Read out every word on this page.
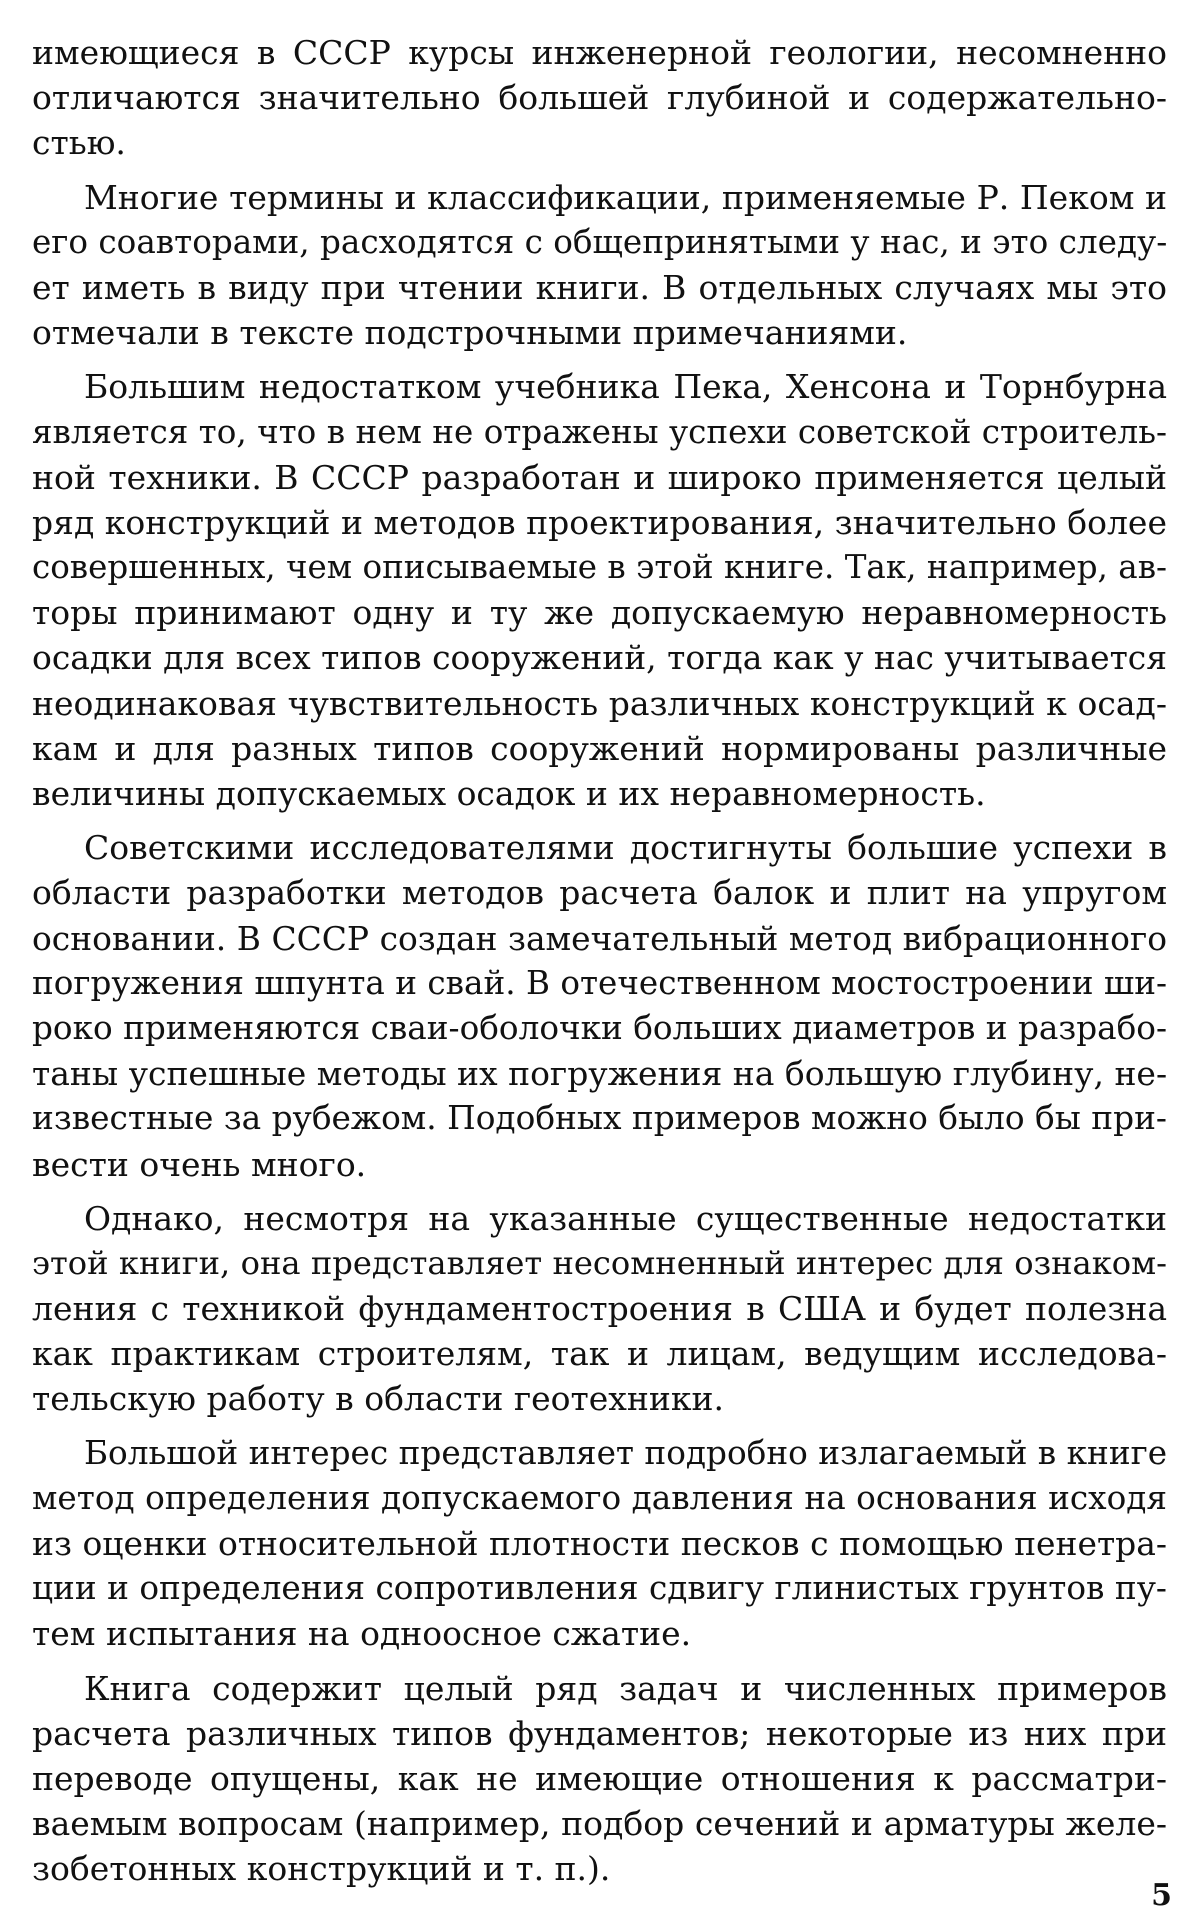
имеющиеся в СССР курсы инженерной геологии, несомненно
отличаются значительно большей глубиной и содержательно-
стью.
Многие термины и классификации, применяемые Р. Пеком и
его соавторами, расходятся с общепринятыми у нас, и это следу-
ет иметь в виду при чтении книги. В отдельных случаях мы это
отмечали в тексте подстрочными примечаниями.
Большим недостатком учебника Пека, Хенсона и Торнбурна
является то, что в нем не отражены успехи советской строитель-
ной техники. В СССР разработан и широко применяется целый
ряд конструкций и методов проектирования, значительно более
совершенных, чем описываемые в этой книге. Так, например, ав-
торы принимают одну и ту же допускаемую неравномерность
осадки для всех типов сооружений, тогда как у нас учитывается
неодинаковая чувствительность различных конструкций к осад-
кам и для разных типов сооружений нормированы различные
величины допускаемых осадок и их неравномерность.
Советскими исследователями достигнуты большие успехи в
области разработки методов расчета балок и плит на упругом
основании. В СССР создан замечательный метод вибрационного
погружения шпунта и свай. В отечественном мостостроении ши-
роко применяются сваи-оболочки больших диаметров и разрабо-
таны успешные методы их погружения на большую глубину, не-
известные за рубежом. Подобных примеров можно было бы при-
вести очень много.
Однако, несмотря на указанные существенные недостатки
этой книги, она представляет несомненный интерес для ознаком-
ления с техникой фундаментостроения в США и будет полезна
как практикам строителям, так и лицам, ведущим исследова-
тельскую работу в области геотехники.
Большой интерес представляет подробно излагаемый в книге
метод определения допускаемого давления на основания исходя
из оценки относительной плотности песков с помощью пенетра-
ции и определения сопротивления сдвигу глинистых грунтов пу-
тем испытания на одноосное сжатие.
Книга содержит целый ряд задач и численных примеров
расчета различных типов фундаментов; некоторые из них при
переводе опущены, как не имеющие отношения к рассматри-
ваемым вопросам (например, подбор сечений и арматуры желе-
зобетонных конструкций и т. п.).
5
